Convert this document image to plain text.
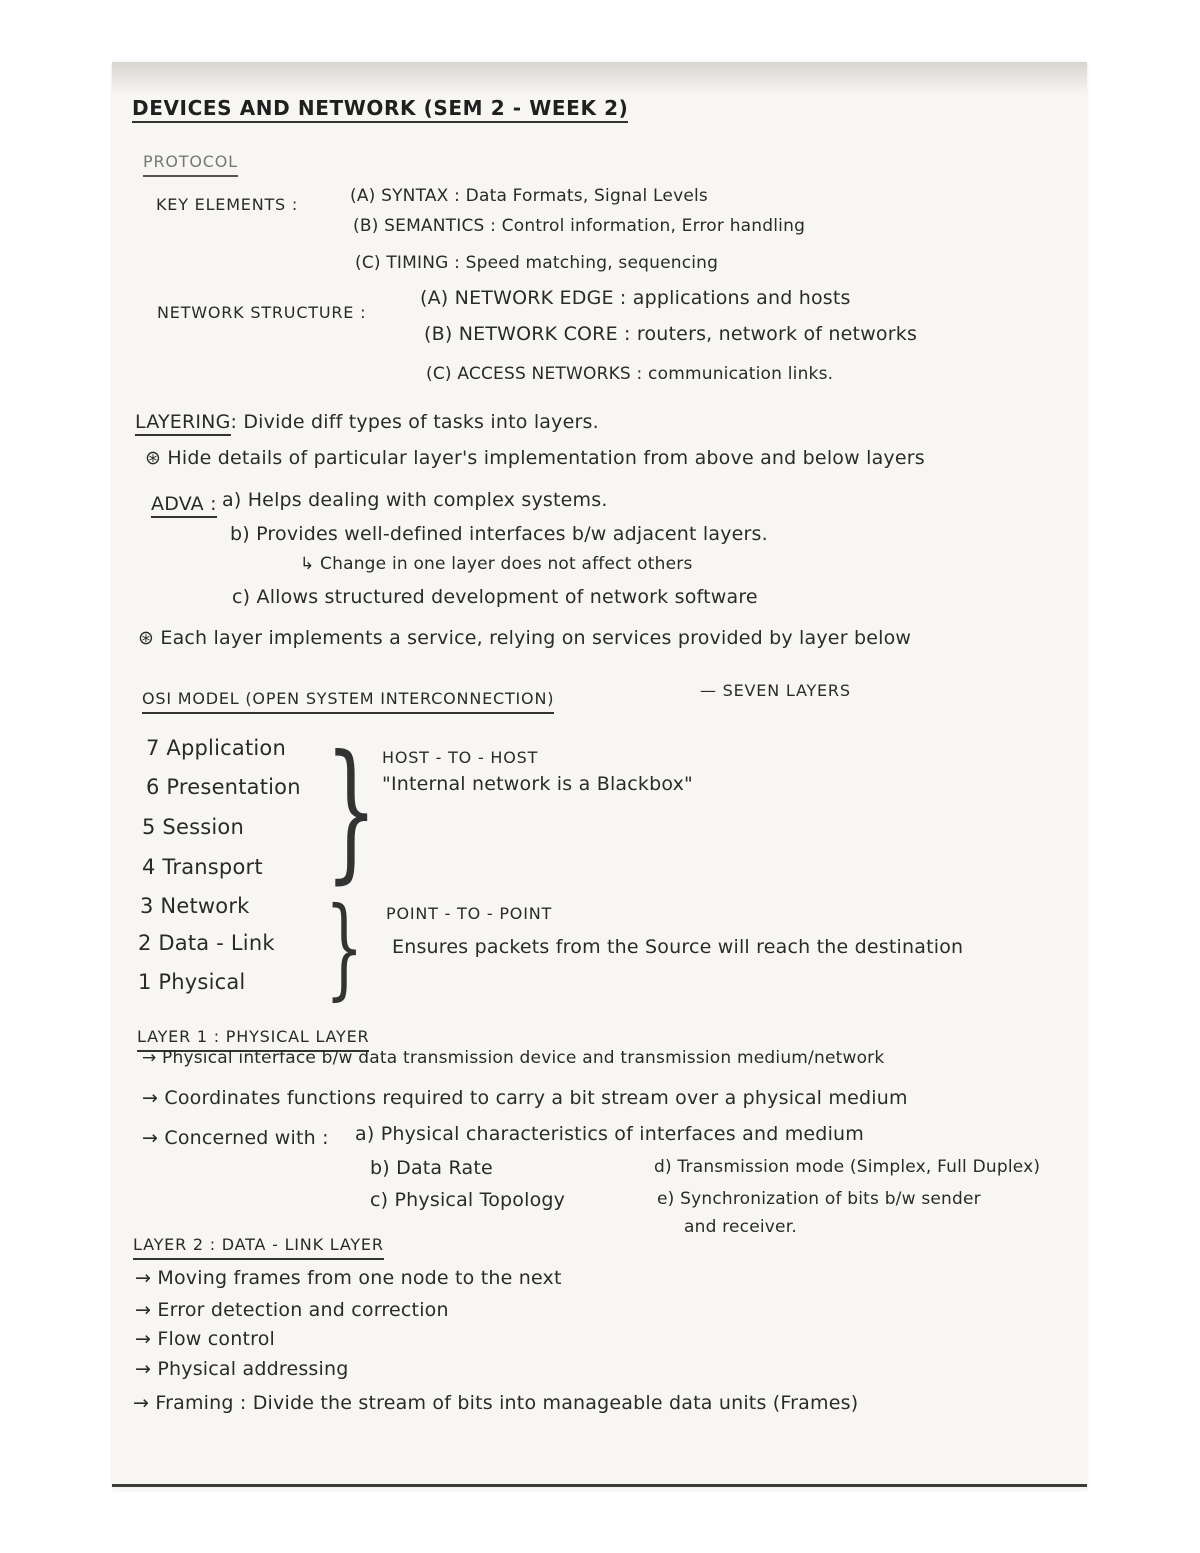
DEVICES AND NETWORK (SEM 2 - WEEK 2)

PROTOCOL

KEY ELEMENTS :	(A) SYNTAX : Data Formats, Signal Levels

(B) SEMANTICS : Control information, Error handling

(C) TIMING : Speed matching, sequencing

NETWORK STRUCTURE :

(A) NETWORK EDGE : applications and hosts

(B) NETWORK CORE : routers, network of networks

(C) ACCESS NETWORKS : communication links.

LAYERING: Divide diff types of tasks into layers.

⊛ Hide details of particular layer's implementation from above and below layers

ADVA : a) Helps dealing with complex systems.

b) Provides well-defined interfaces b/w adjacent layers.

↳ Change in one layer does not affect others

c) Allows structured development of network software

⊛ Each layer implements a service, relying on services provided by layer below

OSI MODEL (OPEN SYSTEM INTERCONNECTION)	— SEVEN LAYERS

7 Application

6 Presentation

5 Session

4 Transport

3 Network

2 Data - Link

1 Physical

}
}

HOST - TO - HOST

"Internal network is a Blackbox"

POINT - TO - POINT

Ensures packets from the Source will reach the destination

LAYER 1 : PHYSICAL LAYER

→ Physical interface b/w data transmission device and transmission medium/network

→ Coordinates functions required to carry a bit stream over a physical medium

→ Concerned with : a) Physical characteristics of interfaces and medium

b) Data Rate

c) Physical Topology

d) Transmission mode (Simplex, Full Duplex)

e) Synchronization of bits b/w sender

and receiver.

LAYER 2 : DATA - LINK LAYER

→ Moving frames from one node to the next

→ Error detection and correction

→ Flow control

→ Physical addressing

→ Framing : Divide the stream of bits into manageable data units (Frames)
